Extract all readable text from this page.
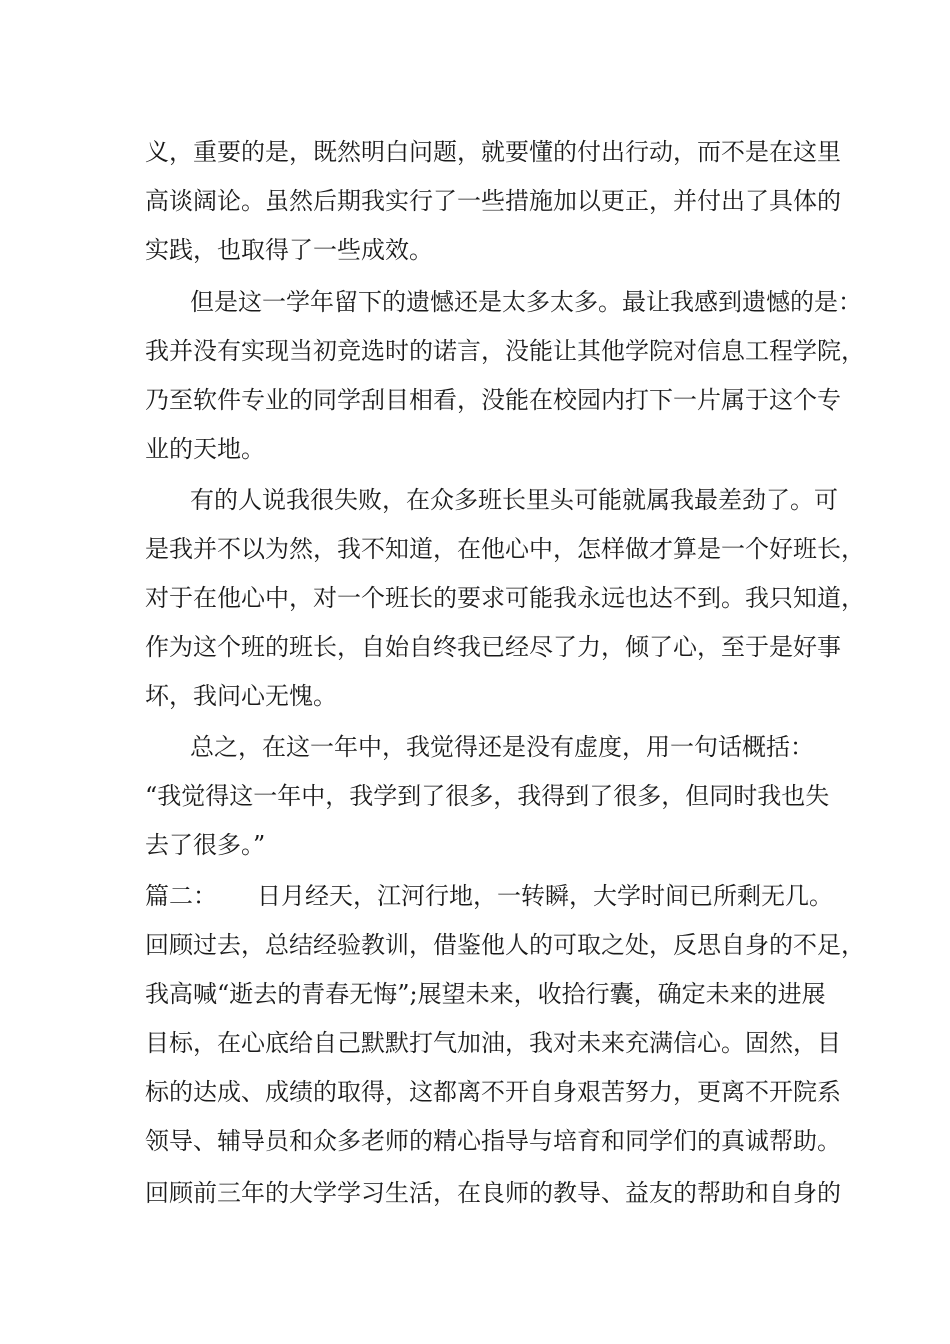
义，重要的是，既然明白问题，就要懂的付出行动，而不是在这里

高谈阔论。虽然后期我实行了一些措施加以更正，并付出了具体的

实践，也取得了一些成效。

但是这一学年留下的遗憾还是太多太多。最让我感到遗憾的是：

我并没有实现当初竞选时的诺言，没能让其他学院对信息工程学院，

乃至软件专业的同学刮目相看，没能在校园内打下一片属于这个专

业的天地。

有的人说我很失败，在众多班长里头可能就属我最差劲了。可

是我并不以为然，我不知道，在他心中，怎样做才算是一个好班长，

对于在他心中，对一个班长的要求可能我永远也达不到。我只知道，

作为这个班的班长，自始自终我已经尽了力，倾了心，至于是好事

坏，我问心无愧。

总之，在这一年中，我觉得还是没有虚度，用一句话概括：

“我觉得这一年中，我学到了很多，我得到了很多，但同时我也失

去了很多。”

篇二： 日月经天，江河行地，一转瞬，大学时间已所剩无几。

回顾过去，总结经验教训，借鉴他人的可取之处，反思自身的不足，

我高喊“逝去的青春无悔”;展望未来，收拾行囊，确定未来的进展

目标，在心底给自己默默打气加油，我对未来充满信心。固然，目

标的达成、成绩的取得，这都离不开自身艰苦努力，更离不开院系

领导、辅导员和众多老师的精心指导与培育和同学们的真诚帮助。

回顾前三年的大学学习生活，在良师的教导、益友的帮助和自身的
